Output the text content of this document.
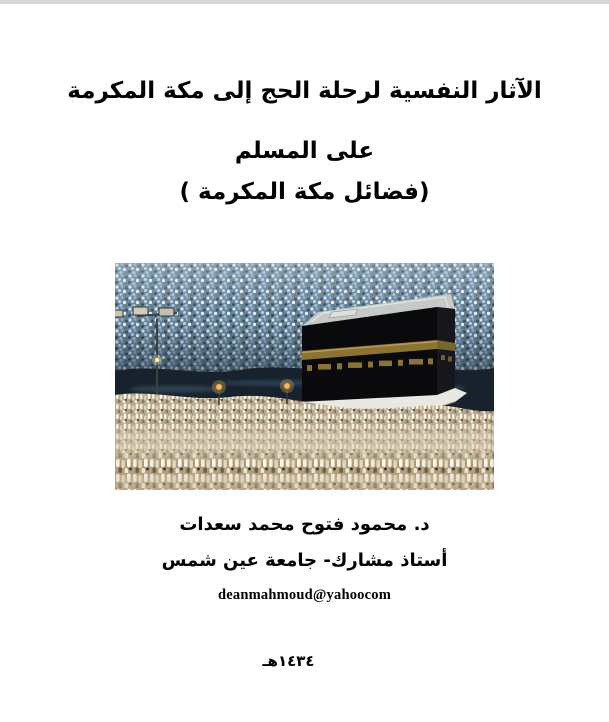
الآثار النفسية لرحلة الحج إلى مكة المكرمة
على المسلم
(فضائل مكة المكرمة )
د. محمود فتوح محمد سعدات
أستاذ مشارك- جامعة عين شمس
deanmahmoud@yahoocom
١٤٣٤هـ
